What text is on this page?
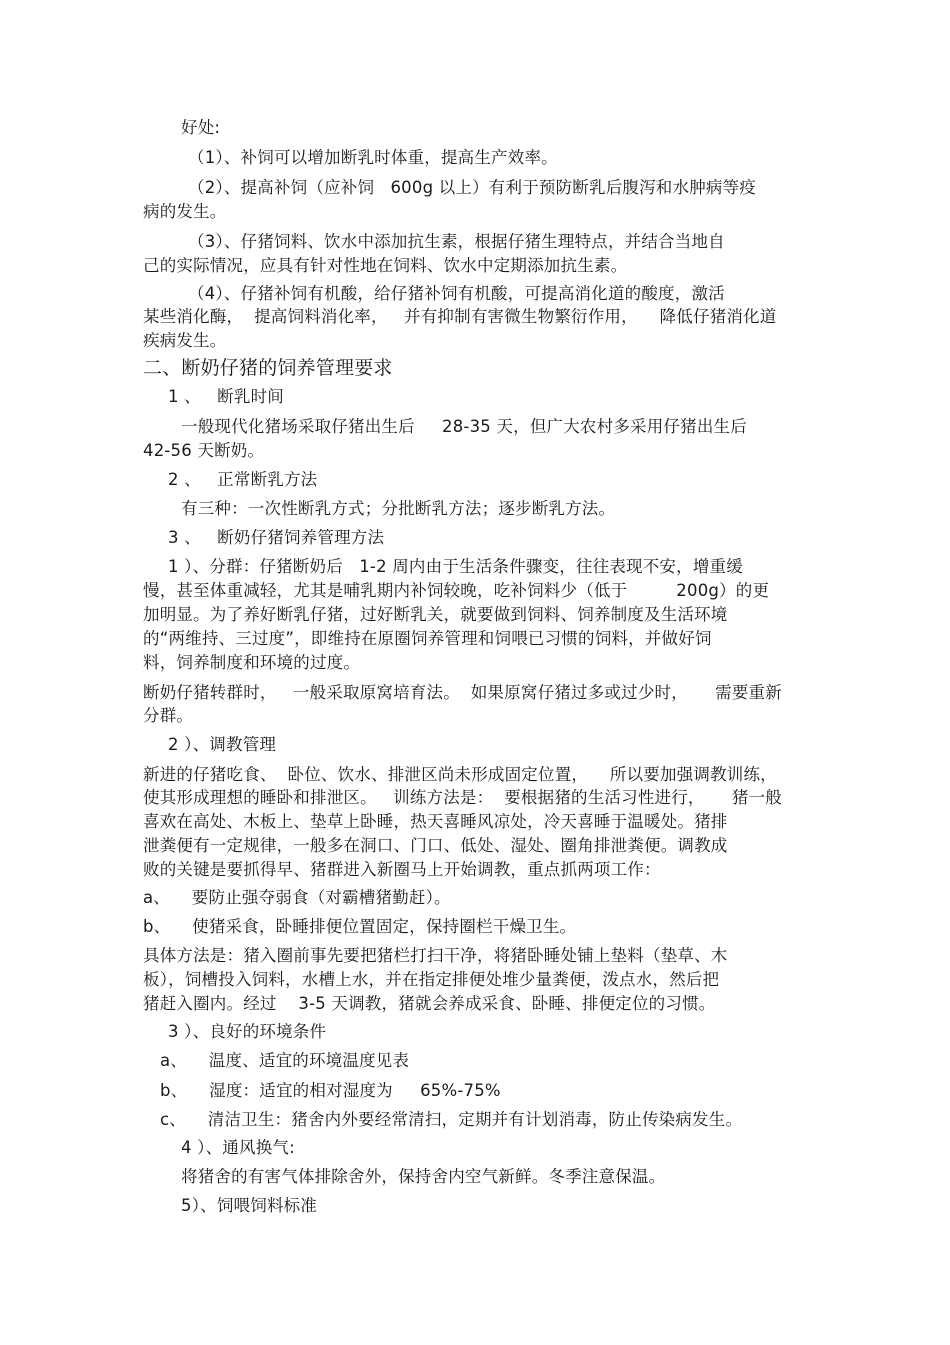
好处:
（1）、补饲可以增加断乳时体重，提高生产效率。
（2）、提高补饲（应补饲   600g 以上）有利于预防断乳后腹泻和水肿病等疫
病的发生。
（3）、仔猪饲料、饮水中添加抗生素，根据仔猪生理特点，并结合当地自
己的实际情况，应具有针对性地在饲料、饮水中定期添加抗生素。
（4）、仔猪补饲有机酸，给仔猪补饲有机酸，可提高消化道的酸度，激活
某些消化酶，  提高饲料消化率，   并有抑制有害微生物繁衍作用，    降低仔猪消化道
疾病发生。
二、断奶仔猪的饲养管理要求
1 、   断乳时间
一般现代化猪场采取仔猪出生后     28-35 天，但广大农村多采用仔猪出生后
42-56 天断奶。
2 、   正常断乳方法
有三种：一次性断乳方式；分批断乳方法；逐步断乳方法。
3 、   断奶仔猪饲养管理方法
1 ）、分群：仔猪断奶后   1-2 周内由于生活条件骤变，往往表现不安，增重缓
慢，甚至体重减轻，尤其是哺乳期内补饲较晚，吃补饲料少（低于         200g）的更
加明显。为了养好断乳仔猪，过好断乳关，就要做到饲料、饲养制度及生活环境
的“两维持、三过度”，即维持在原圈饲养管理和饲喂已习惯的饲料，并做好饲
料，饲养制度和环境的过度。
断奶仔猪转群时，   一般采取原窝培育法。  如果原窝仔猪过多或过少时，     需要重新
分群。
2 ）、调教管理
新进的仔猪吃食、  卧位、饮水、排泄区尚未形成固定位置，    所以要加强调教训练，
使其形成理想的睡卧和排泄区。   训练方法是：  要根据猪的生活习性进行，     猪一般
喜欢在高处、木板上、垫草上卧睡，热天喜睡风凉处，冷天喜睡于温暖处。猪排
泄粪便有一定规律，一般多在洞口、门口、低处、湿处、圈角排泄粪便。调教成
败的关键是要抓得早、猪群进入新圈马上开始调教，重点抓两项工作：
a、    要防止强夺弱食（对霸槽猪勤赶）。
b、    使猪采食，卧睡排便位置固定，保持圈栏干燥卫生。
具体方法是：猪入圈前事先要把猪栏打扫干净，将猪卧睡处铺上垫料（垫草、木
板），饲槽投入饲料，水槽上水，并在指定排便处堆少量粪便，泼点水，然后把
猪赶入圈内。经过    3-5 天调教，猪就会养成采食、卧睡、排便定位的习惯。
3 ）、良好的环境条件
a、    温度、适宜的环境温度见表
b、    湿度：适宜的相对湿度为     65%-75%
c、    清洁卫生：猪舍内外要经常清扫，定期并有计划消毒，防止传染病发生。
4 ）、通风换气:
将猪舍的有害气体排除舍外，保持舍内空气新鲜。冬季注意保温。
5）、饲喂饲料标准
